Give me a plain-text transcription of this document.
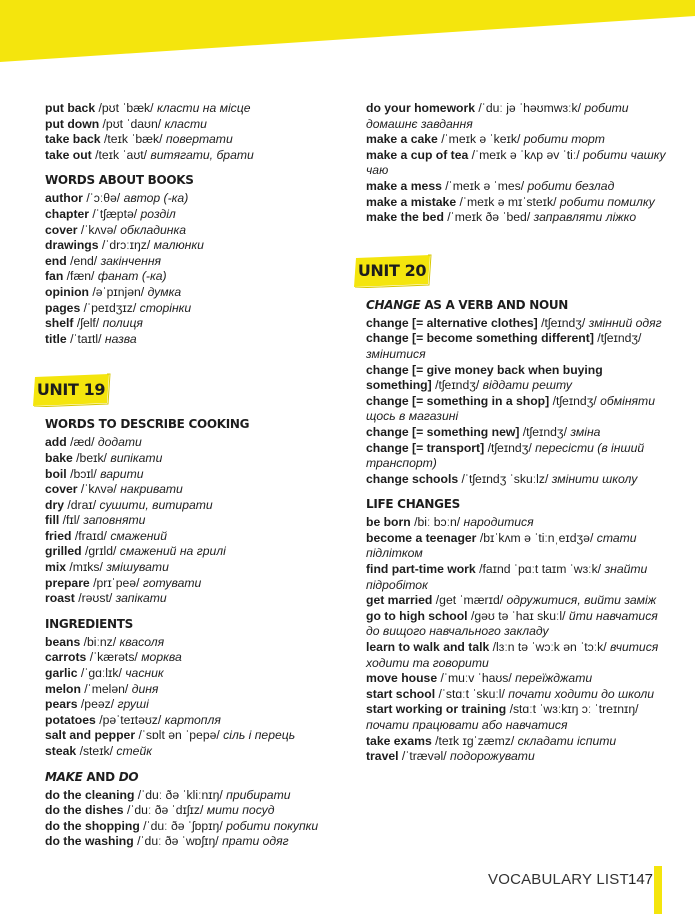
put back /pʊt ˈbæk/ класти на місце
put down /pʊt ˈdaʊn/ класти
take back /teɪk ˈbæk/ повертати
take out /teɪk ˈaʊt/ витягати, брати
WORDS ABOUT BOOKS
author /ˈɔːθə/ автор (-ка)
chapter /ˈtʃæptə/ розділ
cover /ˈkʌvə/ обкладинка
drawings /ˈdrɔːɪŋz/ малюнки
end /end/ закінчення
fan /fæn/ фанат (-ка)
opinion /əˈpɪnjən/ думка
pages /ˈpeɪdʒɪz/ сторінки
shelf /ʃelf/ полиця
title /ˈtaɪtl/ назва
UNIT 19
WORDS TO DESCRIBE COOKING
add /æd/ додати
bake /beɪk/ випікати
boil /bɔɪl/ варити
cover /ˈkʌvə/ накривати
dry /draɪ/ сушити, витирати
fill /fɪl/ заповняти
fried /fraɪd/ смажений
grilled /grɪld/ смажений на грилі
mix /mɪks/ змішувати
prepare /prɪˈpeə/ готувати
roast /rəʊst/ запікати
INGREDIENTS
beans /biːnz/ квасоля
carrots /ˈkærəts/ морква
garlic /ˈgɑːlɪk/ часник
melon /ˈmelən/ диня
pears /peəz/ груші
potatoes /pəˈteɪtəʊz/ картопля
salt and pepper /ˈsɒlt ən ˈpepə/ сіль і перець
steak /steɪk/ стейк
MAKE AND DO
do the cleaning /ˈduː ðə ˈkliːnɪŋ/ прибирати
do the dishes /ˈduː ðə ˈdɪʃɪz/ мити посуд
do the shopping /ˈduː ðə ˈʃɒpɪŋ/ робити покупки
do the washing /ˈduː ðə ˈwɒʃɪŋ/ прати одяг
do your homework /ˈduː jə ˈhəʊmwɜːk/ робити домашнє завдання
make a cake /ˈmeɪk ə ˈkeɪk/ робити торт
make a cup of tea /ˈmeɪk ə ˈkʌp əv ˈtiː/ робити чашку чаю
make a mess /ˈmeɪk ə ˈmes/ робити безлад
make a mistake /ˈmeɪk ə mɪˈsteɪk/ робити помилку
make the bed /ˈmeɪk ðə ˈbed/ заправляти ліжко
UNIT 20
CHANGE AS A VERB AND NOUN
change [= alternative clothes] /tʃeɪndʒ/ змінний одяг
change [= become something different] /tʃeɪndʒ/ змінитися
change [= give money back when buying something] /tʃeɪndʒ/ віддати решту
change [= something in a shop] /tʃeɪndʒ/ обміняти щось в магазині
change [= something new] /tʃeɪndʒ/ зміна
change [= transport] /tʃeɪndʒ/ пересісти (в інший транспорт)
change schools /ˈtʃeɪndʒ ˈskuːlz/ змінити школу
LIFE CHANGES
be born /biː bɔːn/ народитися
become a teenager /bɪˈkʌm ə ˈtiːnˌeɪdʒə/ стати підлітком
find part-time work /faɪnd ˈpɑːt taɪm ˈwɜːk/ знайти підробіток
get married /get ˈmærɪd/ одружитися, вийти заміж
go to high school /gəʊ tə ˈhaɪ skuːl/ йти навчатися до вищого навчального закладу
learn to walk and talk /lɜːn tə ˈwɔːk ən ˈtɔːk/ вчитися ходити та говорити
move house /ˈmuːv ˈhaʊs/ переїжджати
start school /ˈstɑːt ˈskuːl/ почати ходити до школи
start working or training /stɑːt ˈwɜːkɪŋ ɔː ˈtreɪnɪŋ/ почати працювати або навчатися
take exams /teɪk ɪgˈzæmz/ складати іспити
travel /ˈtrævəl/ подорожувати
VOCABULARY LIST 147
